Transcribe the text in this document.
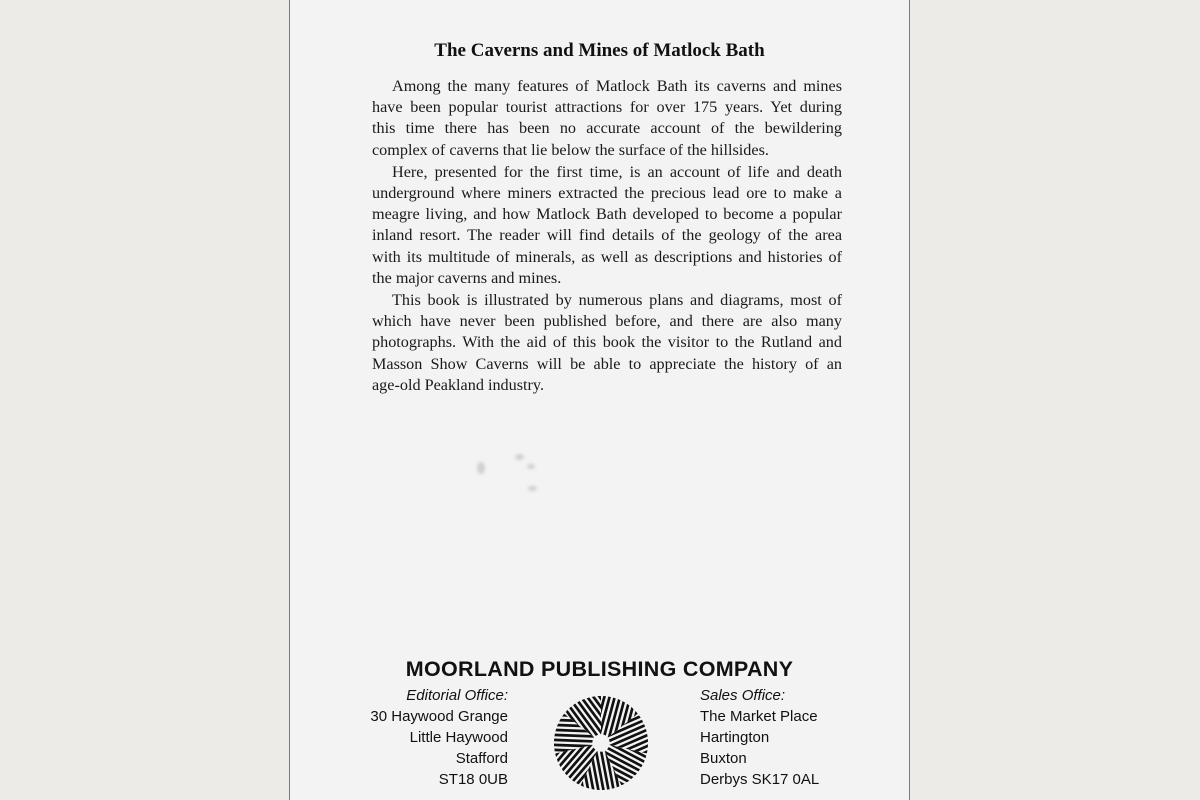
The Caverns and Mines of Matlock Bath

Among the many features of Matlock Bath its caverns and mines
have been popular tourist attractions for over 175 years. Yet during
this time there has been no accurate account of the bewildering
complex of caverns that lie below the surface of the hillsides.

Here, presented for the first time, is an account of life and death
underground where miners extracted the precious lead ore to make a
meagre living, and how Matlock Bath developed to become a popular
inland resort. The reader will find details of the geology of the area
with its multitude of minerals, as well as descriptions and histories of
the major caverns and mines.

This book is illustrated by numerous plans and diagrams, most of
which have never been published before, and there are also many
photographs. With the aid of this book the visitor to the Rutland and
Masson Show Caverns will be able to appreciate the history of an
age-old Peakland industry.

MOORLAND PUBLISHING COMPANY
Editorial Office:
30 Haywood Grange
Little Haywood
Stafford
ST18 0UB
Sales Office:
The Market Place
Hartington
Buxton
Derbys SK17 0AL
